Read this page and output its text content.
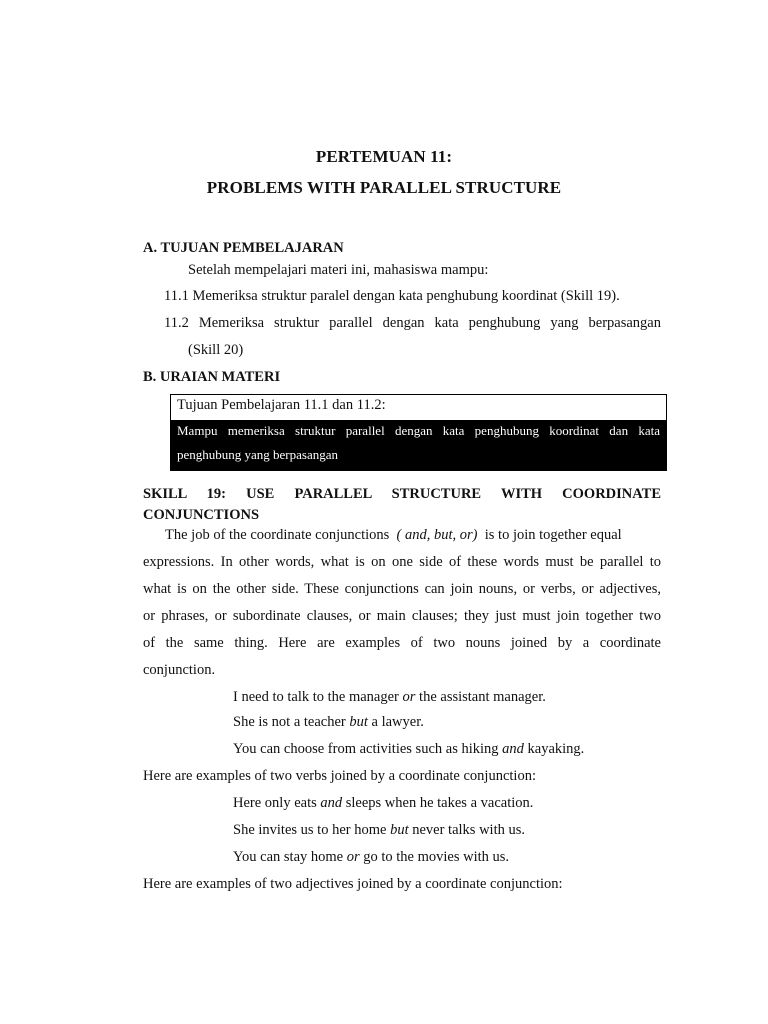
PERTEMUAN 11:
PROBLEMS WITH PARALLEL STRUCTURE
A. TUJUAN PEMBELAJARAN
Setelah mempelajari materi ini, mahasiswa mampu:
11.1 Memeriksa struktur paralel dengan kata penghubung koordinat (Skill 19).
11.2 Memeriksa struktur parallel dengan kata penghubung yang berpasangan
(Skill 20)
B. URAIAN MATERI
Tujuan Pembelajaran 11.1 dan 11.2:
Mampu memeriksa struktur parallel dengan kata penghubung koordinat dan kata
penghubung yang berpasangan
SKILL 19: USE PARALLEL STRUCTURE WITH COORDINATE
CONJUNCTIONS
The job of the coordinate conjunctions ( and, but, or) is to join together equal
expressions. In other words, what is on one side of these words must be parallel to
what is on the other side. These conjunctions can join nouns, or verbs, or adjectives,
or phrases, or subordinate clauses, or main clauses; they just must join together two
of the same thing. Here are examples of two nouns joined by a coordinate
conjunction.
I need to talk to the manager or the assistant manager.
She is not a teacher but a lawyer.
You can choose from activities such as hiking and kayaking.
Here are examples of two verbs joined by a coordinate conjunction:
Here only eats and sleeps when he takes a vacation.
She invites us to her home but never talks with us.
You can stay home or go to the movies with us.
Here are examples of two adjectives joined by a coordinate conjunction:
